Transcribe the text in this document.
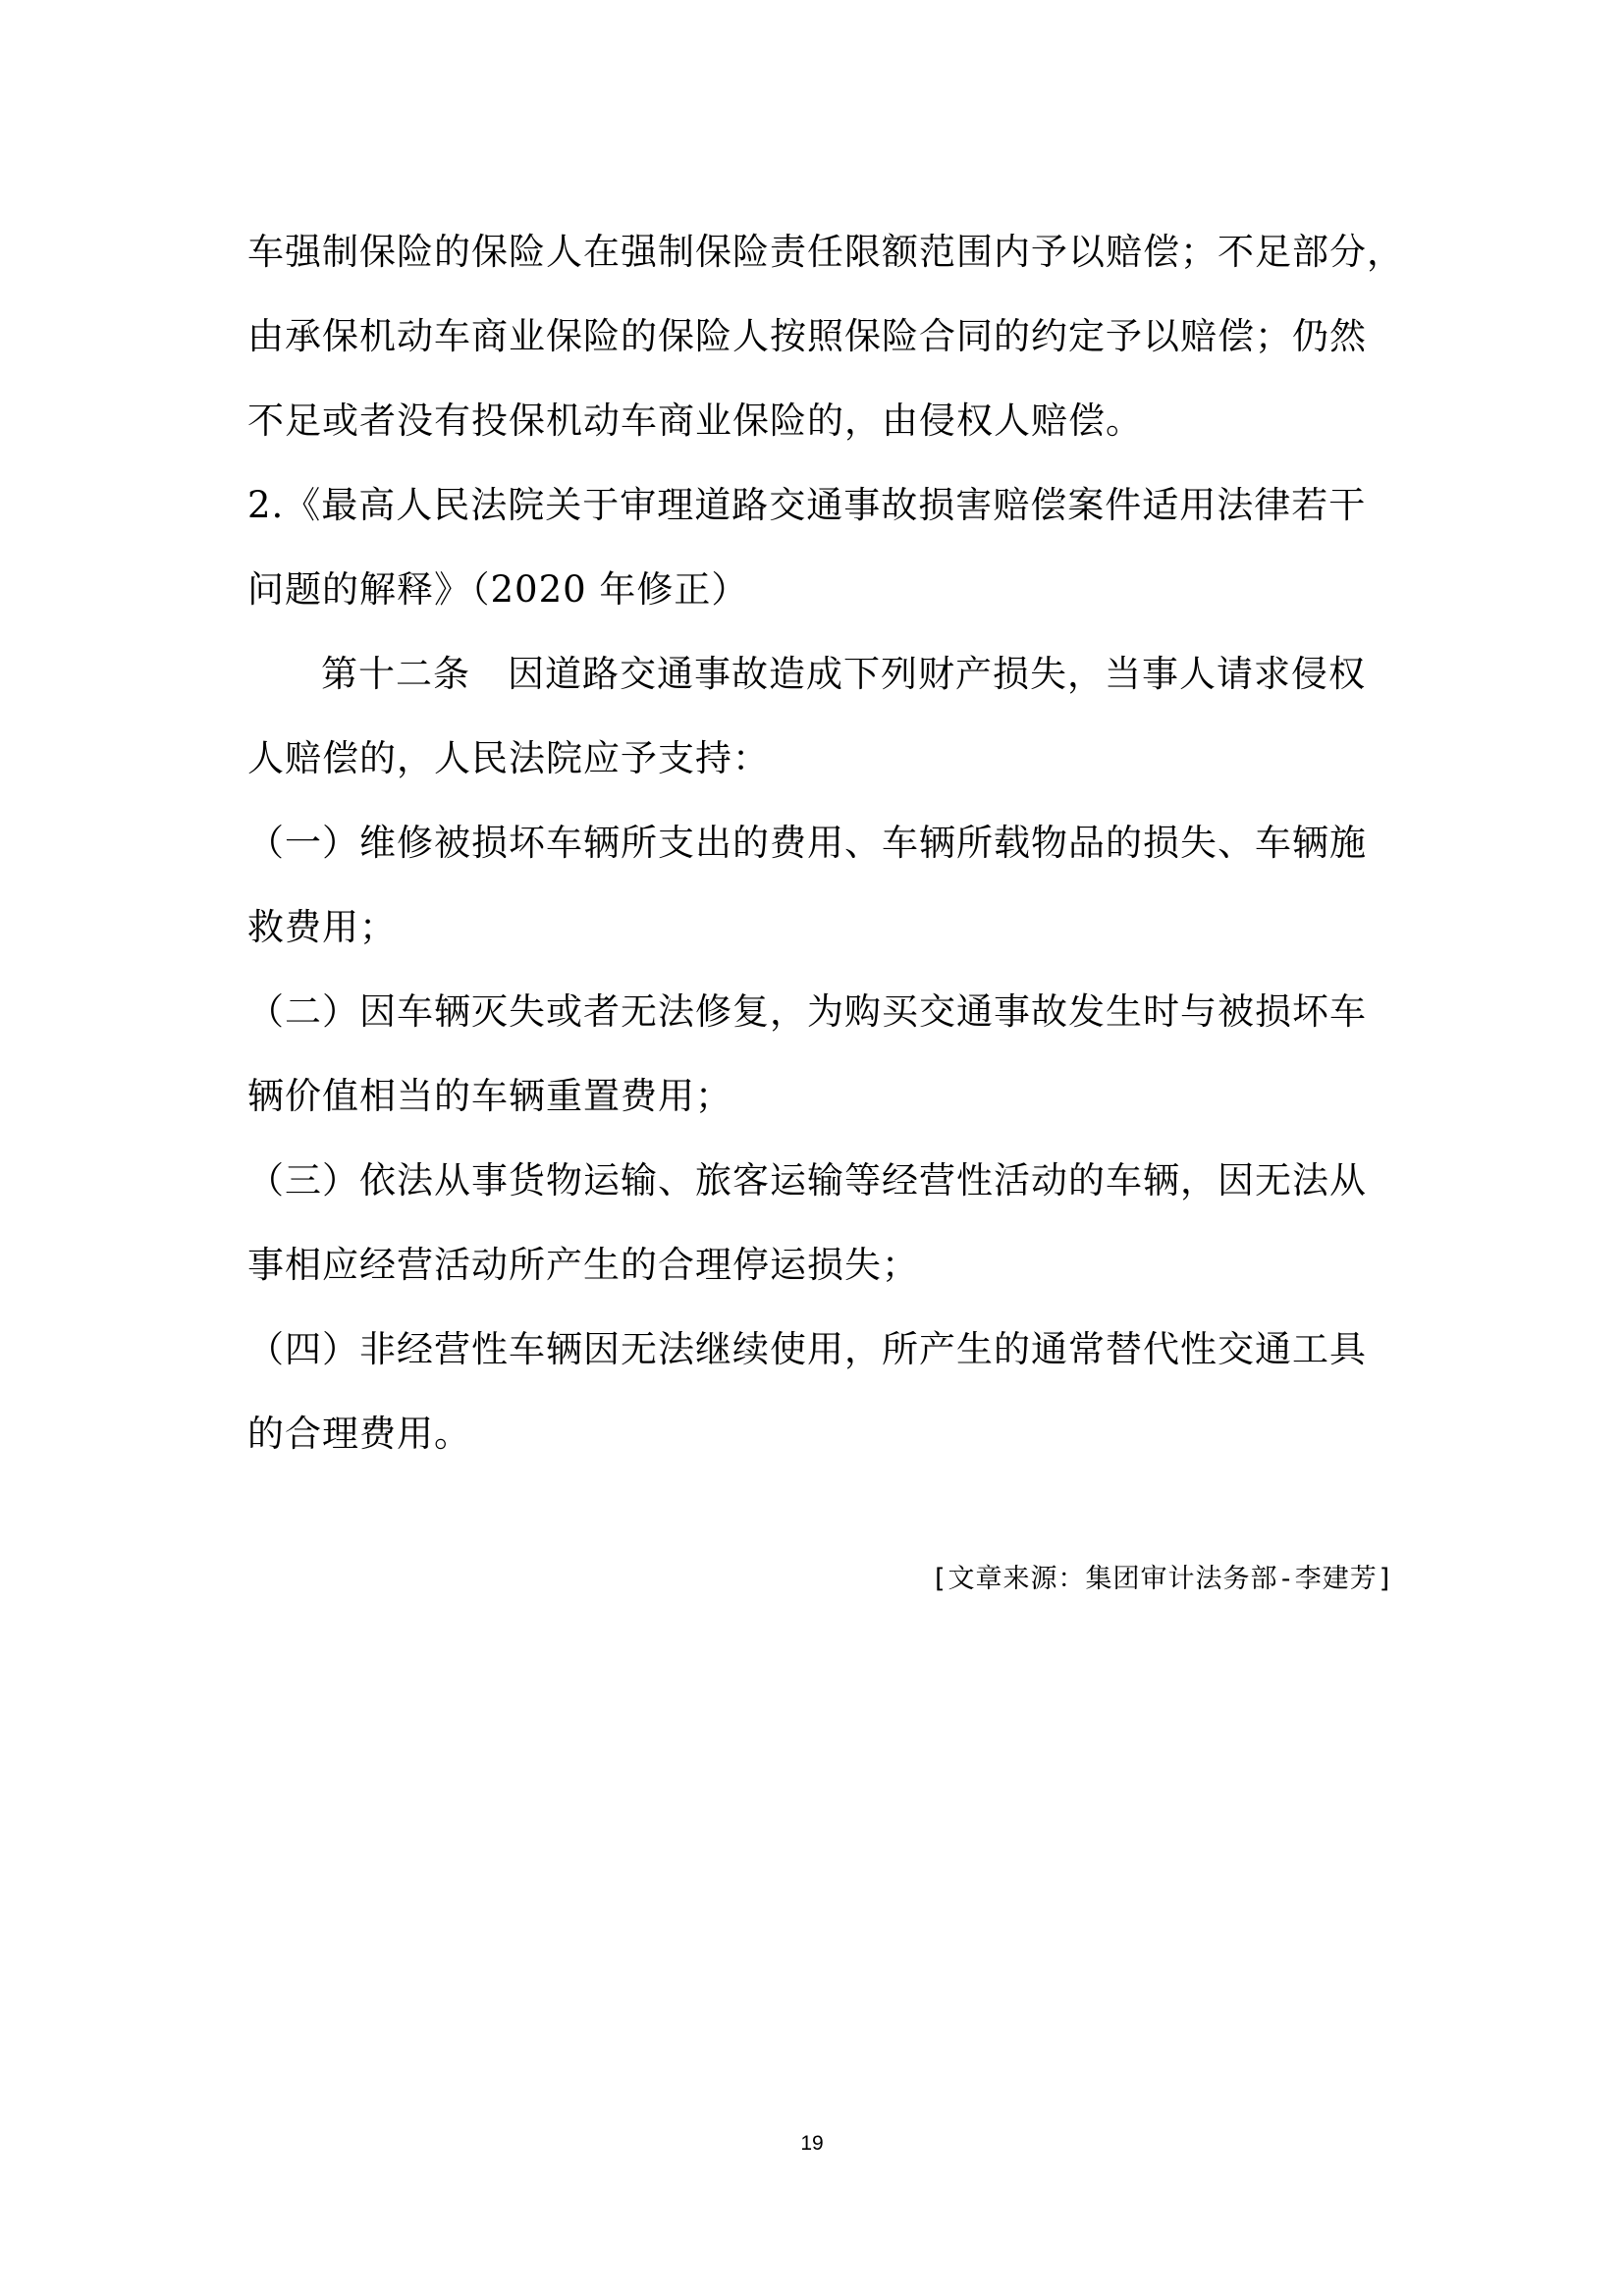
车强制保险的保险人在强制保险责任限额范围内予以赔偿；不足部分，

由承保机动车商业保险的保险人按照保险合同的约定予以赔偿；仍然

不足或者没有投保机动车商业保险的，由侵权人赔偿。

2.《最高人民法院关于审理道路交通事故损害赔偿案件适用法律若干

问题的解释》（2020 年修正）

第十二条　因道路交通事故造成下列财产损失，当事人请求侵权

人赔偿的，人民法院应予支持：

（一）维修被损坏车辆所支出的费用、车辆所载物品的损失、车辆施

救费用；

（二）因车辆灭失或者无法修复，为购买交通事故发生时与被损坏车

辆价值相当的车辆重置费用；

（三）依法从事货物运输、旅客运输等经营性活动的车辆，因无法从

事相应经营活动所产生的合理停运损失；

（四）非经营性车辆因无法继续使用，所产生的通常替代性交通工具

的合理费用。

[文章来源：集团审计法务部-李建芳]
19
